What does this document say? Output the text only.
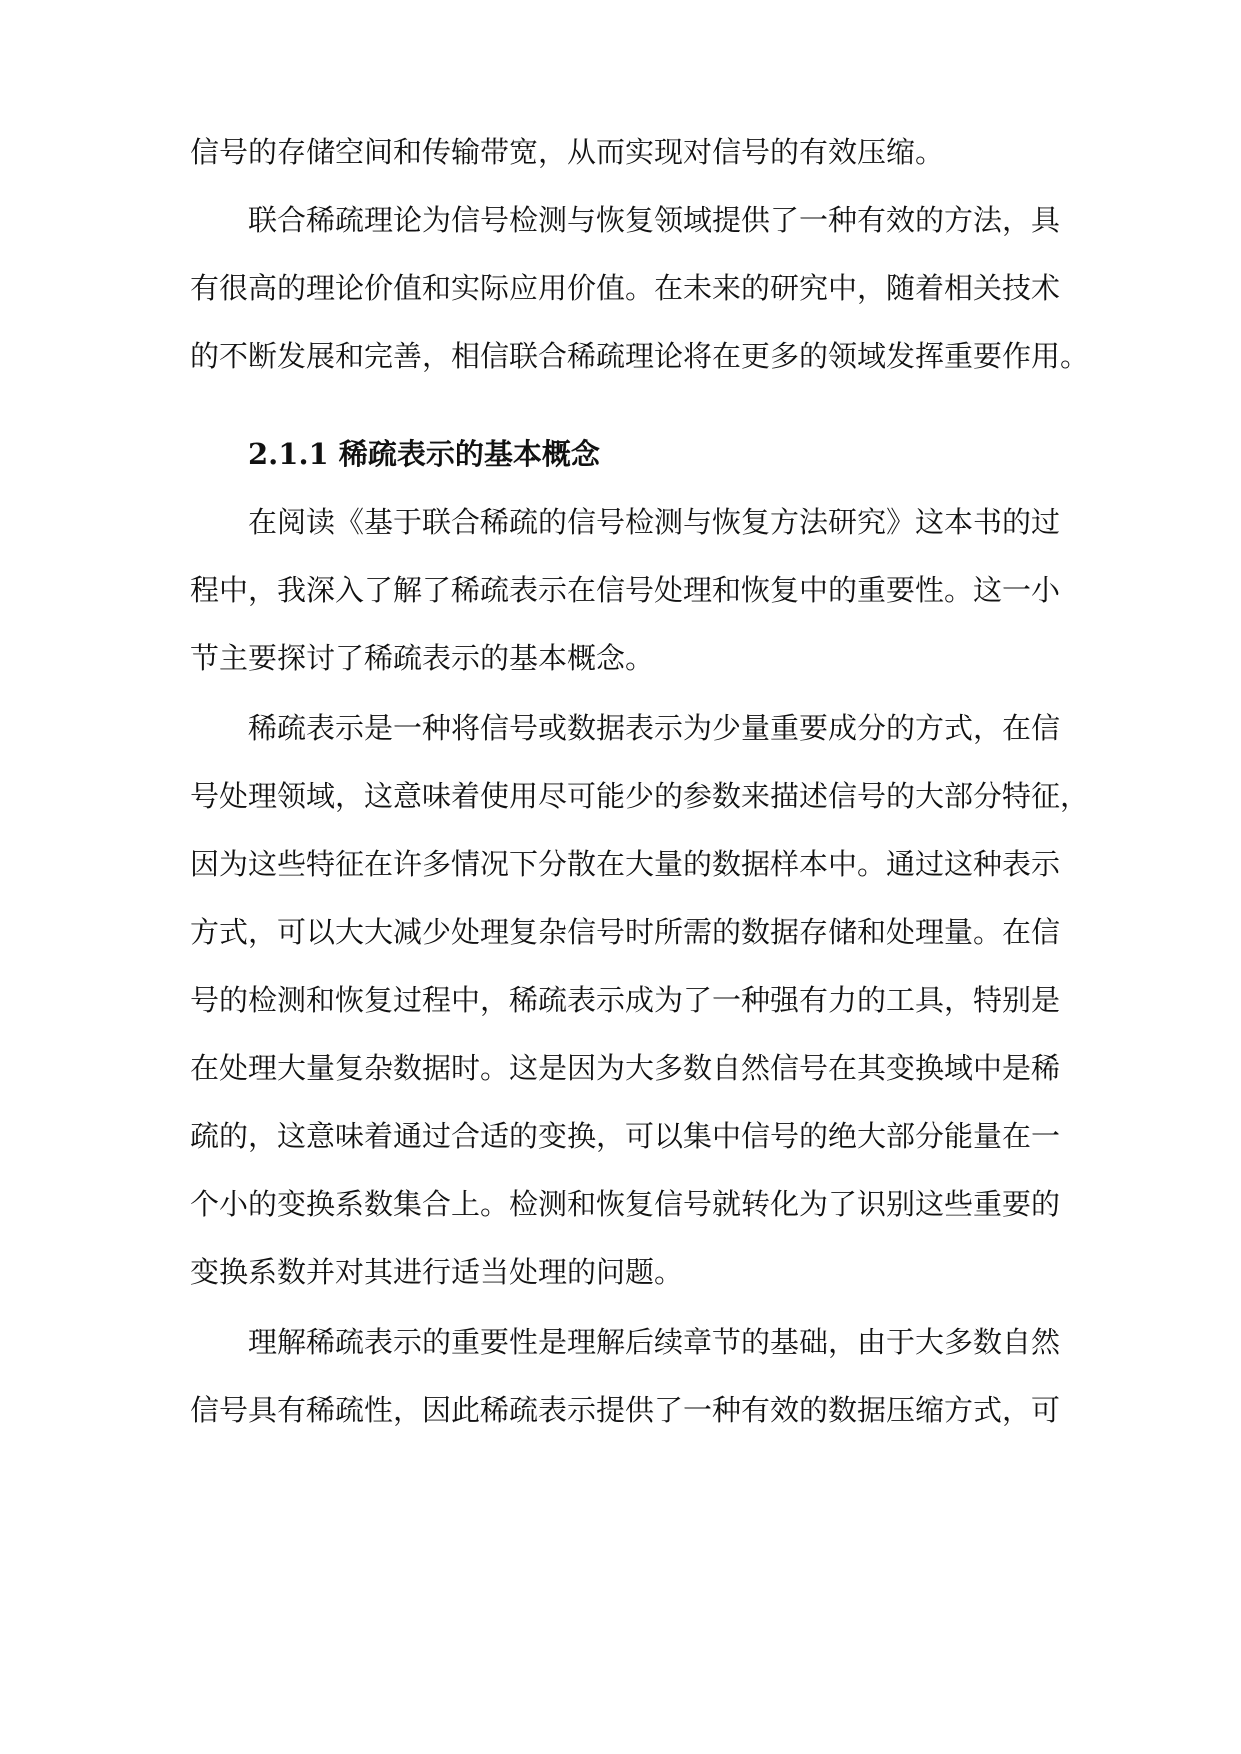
信号的存储空间和传输带宽，从而实现对信号的有效压缩。
联合稀疏理论为信号检测与恢复领域提供了一种有效的方法，具
有很高的理论价值和实际应用价值。在未来的研究中，随着相关技术
的不断发展和完善，相信联合稀疏理论将在更多的领域发挥重要作用。
2.1.1 稀疏表示的基本概念
在阅读《基于联合稀疏的信号检测与恢复方法研究》这本书的过
程中，我深入了解了稀疏表示在信号处理和恢复中的重要性。这一小
节主要探讨了稀疏表示的基本概念。
稀疏表示是一种将信号或数据表示为少量重要成分的方式，在信
号处理领域，这意味着使用尽可能少的参数来描述信号的大部分特征，
因为这些特征在许多情况下分散在大量的数据样本中。通过这种表示
方式，可以大大减少处理复杂信号时所需的数据存储和处理量。在信
号的检测和恢复过程中，稀疏表示成为了一种强有力的工具，特别是
在处理大量复杂数据时。这是因为大多数自然信号在其变换域中是稀
疏的，这意味着通过合适的变换，可以集中信号的绝大部分能量在一
个小的变换系数集合上。检测和恢复信号就转化为了识别这些重要的
变换系数并对其进行适当处理的问题。
理解稀疏表示的重要性是理解后续章节的基础，由于大多数自然
信号具有稀疏性，因此稀疏表示提供了一种有效的数据压缩方式，可
